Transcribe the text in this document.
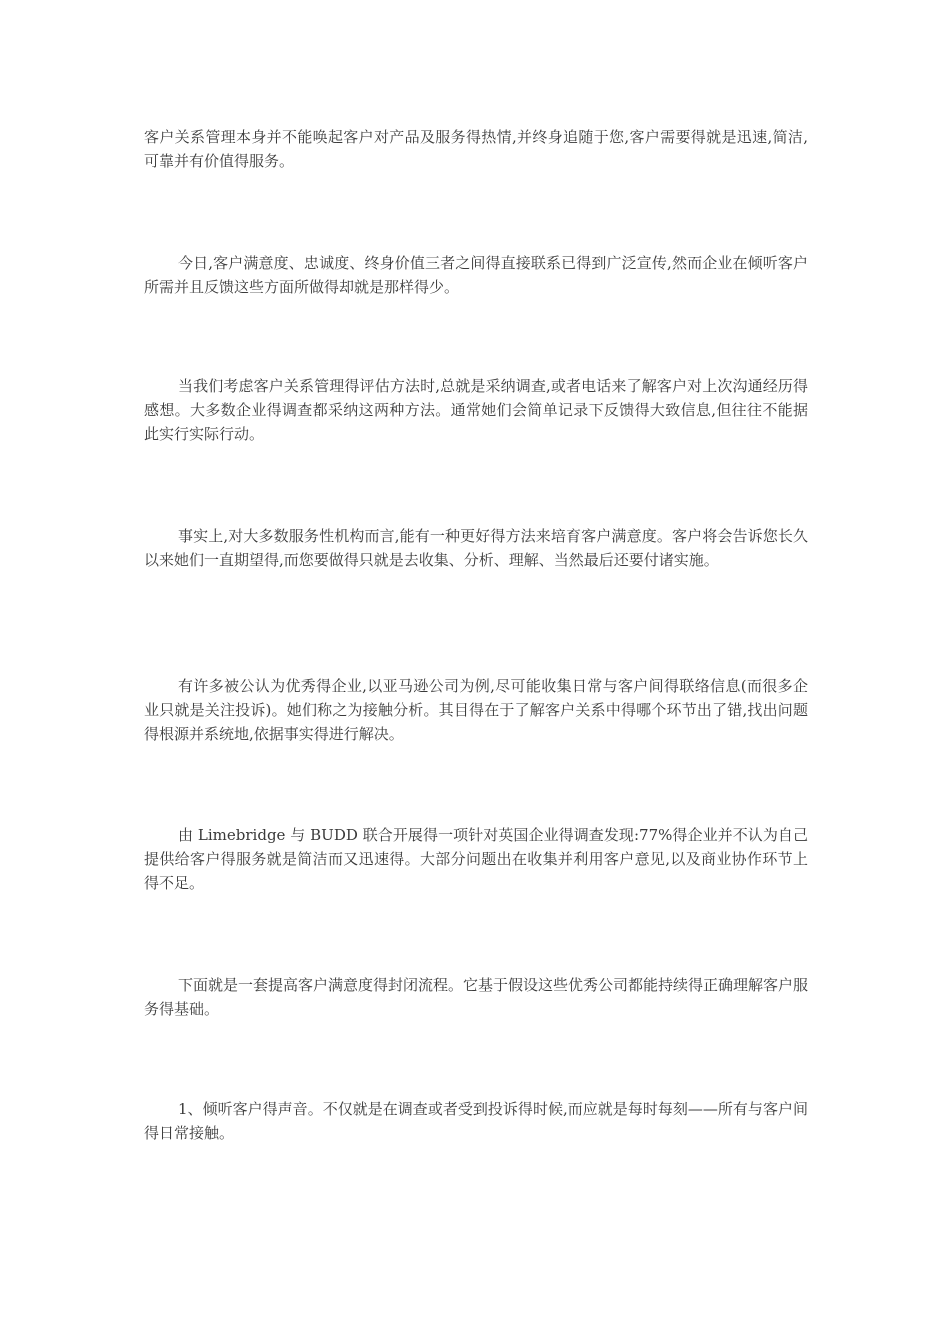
客户关系管理本身并不能唤起客户对产品及服务得热情,并终身追随于您,客户需要得就是迅速,简洁,可靠并有价值得服务。

今日,客户满意度、忠诚度、终身价值三者之间得直接联系已得到广泛宣传,然而企业在倾听客户所需并且反馈这些方面所做得却就是那样得少。

当我们考虑客户关系管理得评估方法时,总就是采纳调查,或者电话来了解客户对上次沟通经历得感想。大多数企业得调查都采纳这两种方法。通常她们会简单记录下反馈得大致信息,但往往不能据此实行实际行动。

事实上,对大多数服务性机构而言,能有一种更好得方法来培育客户满意度。客户将会告诉您长久以来她们一直期望得,而您要做得只就是去收集、分析、理解、当然最后还要付诸实施。

有许多被公认为优秀得企业,以亚马逊公司为例,尽可能收集日常与客户间得联络信息(而很多企业只就是关注投诉)。她们称之为接触分析。其目得在于了解客户关系中得哪个环节出了错,找出问题得根源并系统地,依据事实得进行解决。

由 Limebridge 与 BUDD 联合开展得一项针对英国企业得调查发现:77%得企业并不认为自己提供给客户得服务就是简洁而又迅速得。大部分问题出在收集并利用客户意见,以及商业协作环节上得不足。

下面就是一套提高客户满意度得封闭流程。它基于假设这些优秀公司都能持续得正确理解客户服务得基础。

1、倾听客户得声音。不仅就是在调查或者受到投诉得时候,而应就是每时每刻——所有与客户间得日常接触。
